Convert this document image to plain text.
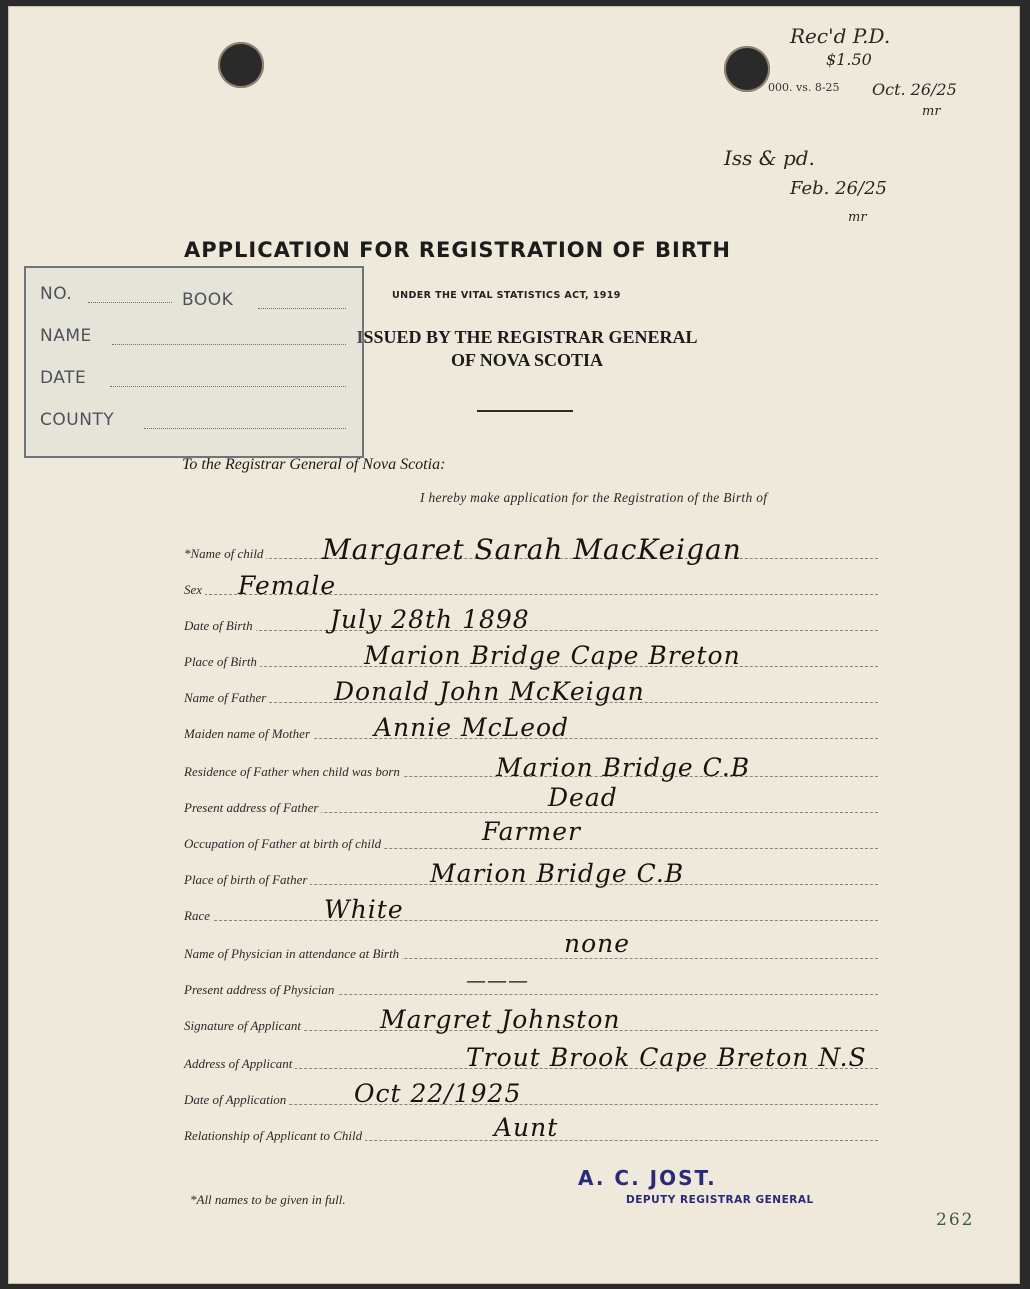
000. vs. 8-25
Rec'd P.D.
$1.50
Oct. 26/25
mr
Iss & pd.
Feb. 26/25
mr
APPLICATION FOR REGISTRATION OF BIRTH
UNDER THE VITAL STATISTICS ACT, 1919
ISSUED BY THE REGISTRAR GENERAL
OF NOVA SCOTIA
NO.	BOOK
NAME
DATE
COUNTY
To the Registrar General of Nova Scotia:
I hereby make application for the Registration of the Birth of
*Name of child Margaret Sarah MacKeigan
Sex Female
Date of Birth	July 28th 1898
Place of Birth	Marion Bridge Cape Breton
Name of Father	Donald John McKeigan
Maiden name of Mother	Annie McLeod
Residence of Father when child was born	Marion Bridge C.B
Present address of Father	Dead
Occupation of Father at birth of child	Farmer
Place of birth of Father	Marion Bridge C.B
Race	White
Name of Physician in attendance at Birth	none
Present address of Physician	———
Signature of Applicant	Margret Johnston
Address of Applicant	Trout Brook Cape Breton N.S
Date of Application	Oct 22/1925
Relationship of Applicant to Child	Aunt
*All names to be given in full.
A. C. JOST.
DEPUTY REGISTRAR GENERAL
262
